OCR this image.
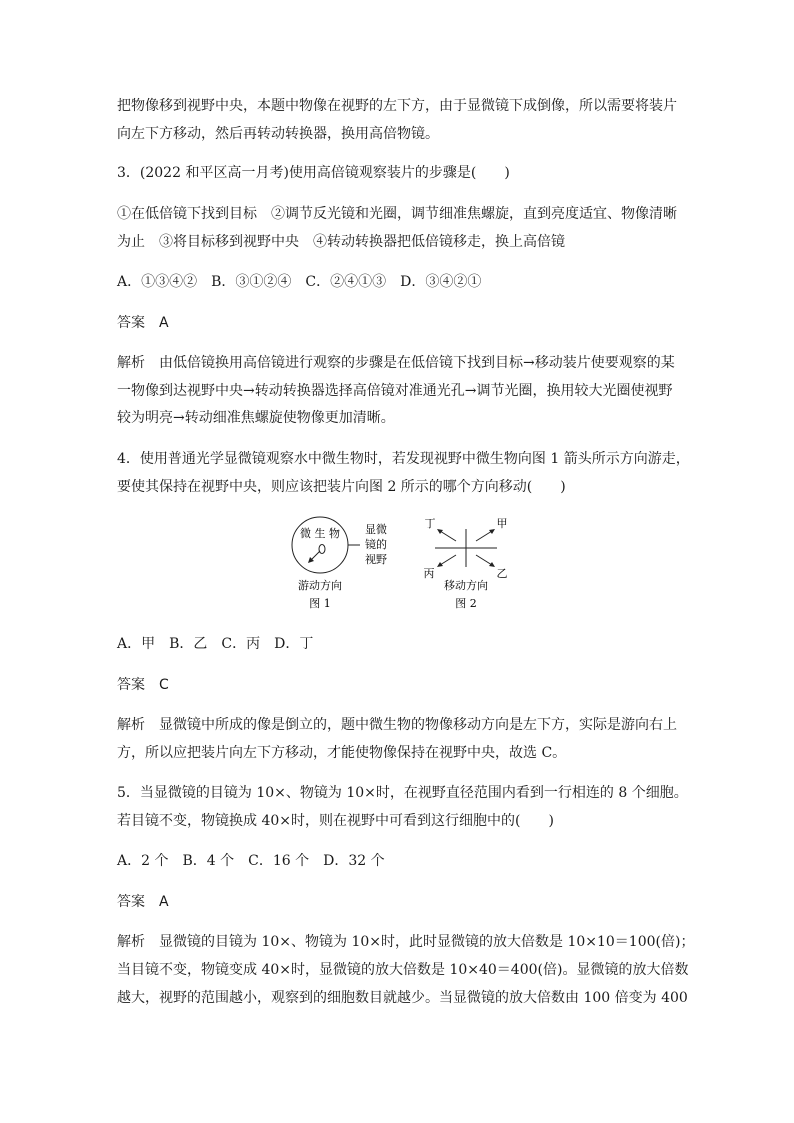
把物像移到视野中央，本题中物像在视野的左下方，由于显微镜下成倒像，所以需要将装片
向左下方移动，然后再转动转换器，换用高倍物镜。
3．(2022 和平区高一月考)使用高倍镜观察装片的步骤是(　　)
①在低倍镜下找到目标　②调节反光镜和光圈，调节细准焦螺旋，直到亮度适宜、物像清晰
为止　③将目标移到视野中央　④转动转换器把低倍镜移走，换上高倍镜
A．①③④②　B．③①②④　C．②④①③　D．③④②①
答案　A
解析　由低倍镜换用高倍镜进行观察的步骤是在低倍镜下找到目标→移动装片使要观察的某
一物像到达视野中央→转动转换器选择高倍镜对准通光孔→调节光圈，换用较大光圈使视野
较为明亮→转动细准焦螺旋使物像更加清晰。
4．使用普通光学显微镜观察水中微生物时，若发现视野中微生物向图 1 箭头所示方向游走，
要使其保持在视野中央，则应该把装片向图 2 所示的哪个方向移动(　　)
微 生 物 显微
镜的
视野
游动方向
图 1
丁	甲
丙	乙
移动方向
图 2
A．甲　B．乙　C．丙　D．丁
答案　C
解析　显微镜中所成的像是倒立的，题中微生物的物像移动方向是左下方，实际是游向右上
方，所以应把装片向左下方移动，才能使物像保持在视野中央，故选 C。
5．当显微镜的目镜为 10×、物镜为 10×时，在视野直径范围内看到一行相连的 8 个细胞。
若目镜不变，物镜换成 40×时，则在视野中可看到这行细胞中的(　　)
A．2 个　B．4 个　C．16 个　D．32 个
答案　A
解析　显微镜的目镜为 10×、物镜为 10×时，此时显微镜的放大倍数是 10×10＝100(倍)；
当目镜不变，物镜变成 40×时，显微镜的放大倍数是 10×40＝400(倍)。显微镜的放大倍数
越大，视野的范围越小，观察到的细胞数目就越少。当显微镜的放大倍数由 100 倍变为 400
